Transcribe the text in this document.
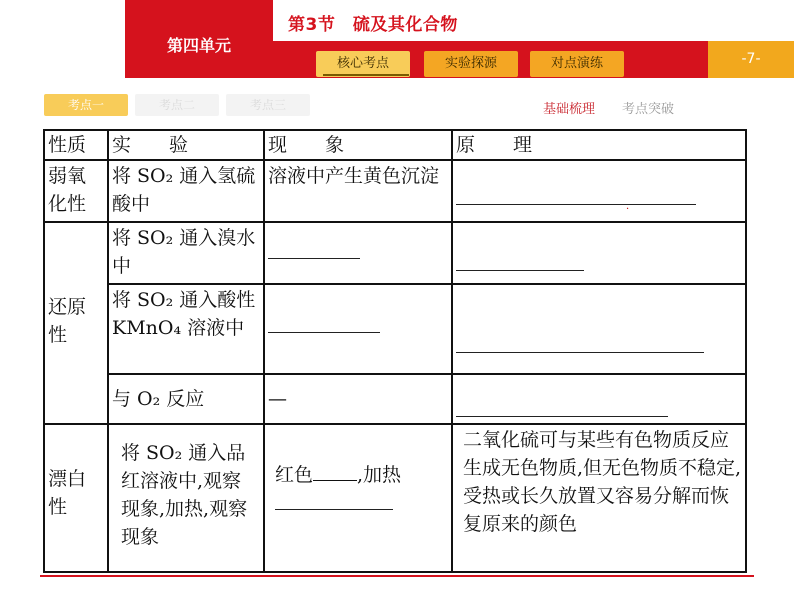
第四单元
第3节　硫及其化合物
核心考点	实验探源	对点演练	-7-
考点一	考点二	考点三	基础梳理 考点突破
性质	实　　验	现　　象	原　　理
弱氧化性	将 SO₂ 通入氢硫酸中	溶液中产生黄色沉淀	·

还原性	将 SO₂ 通入溴水中	

	将 SO₂ 通入酸性 KMnO₄ 溶液中	

	与 O₂ 反应	—	

漂白性	将 SO₂ 通入品红溶液中,观察现象,加热,观察现象	红色 ,加热	二氧化硫可与某些有色物质反应生成无色物质,但无色物质不稳定,受热或长久放置又容易分解而恢复原来的颜色
